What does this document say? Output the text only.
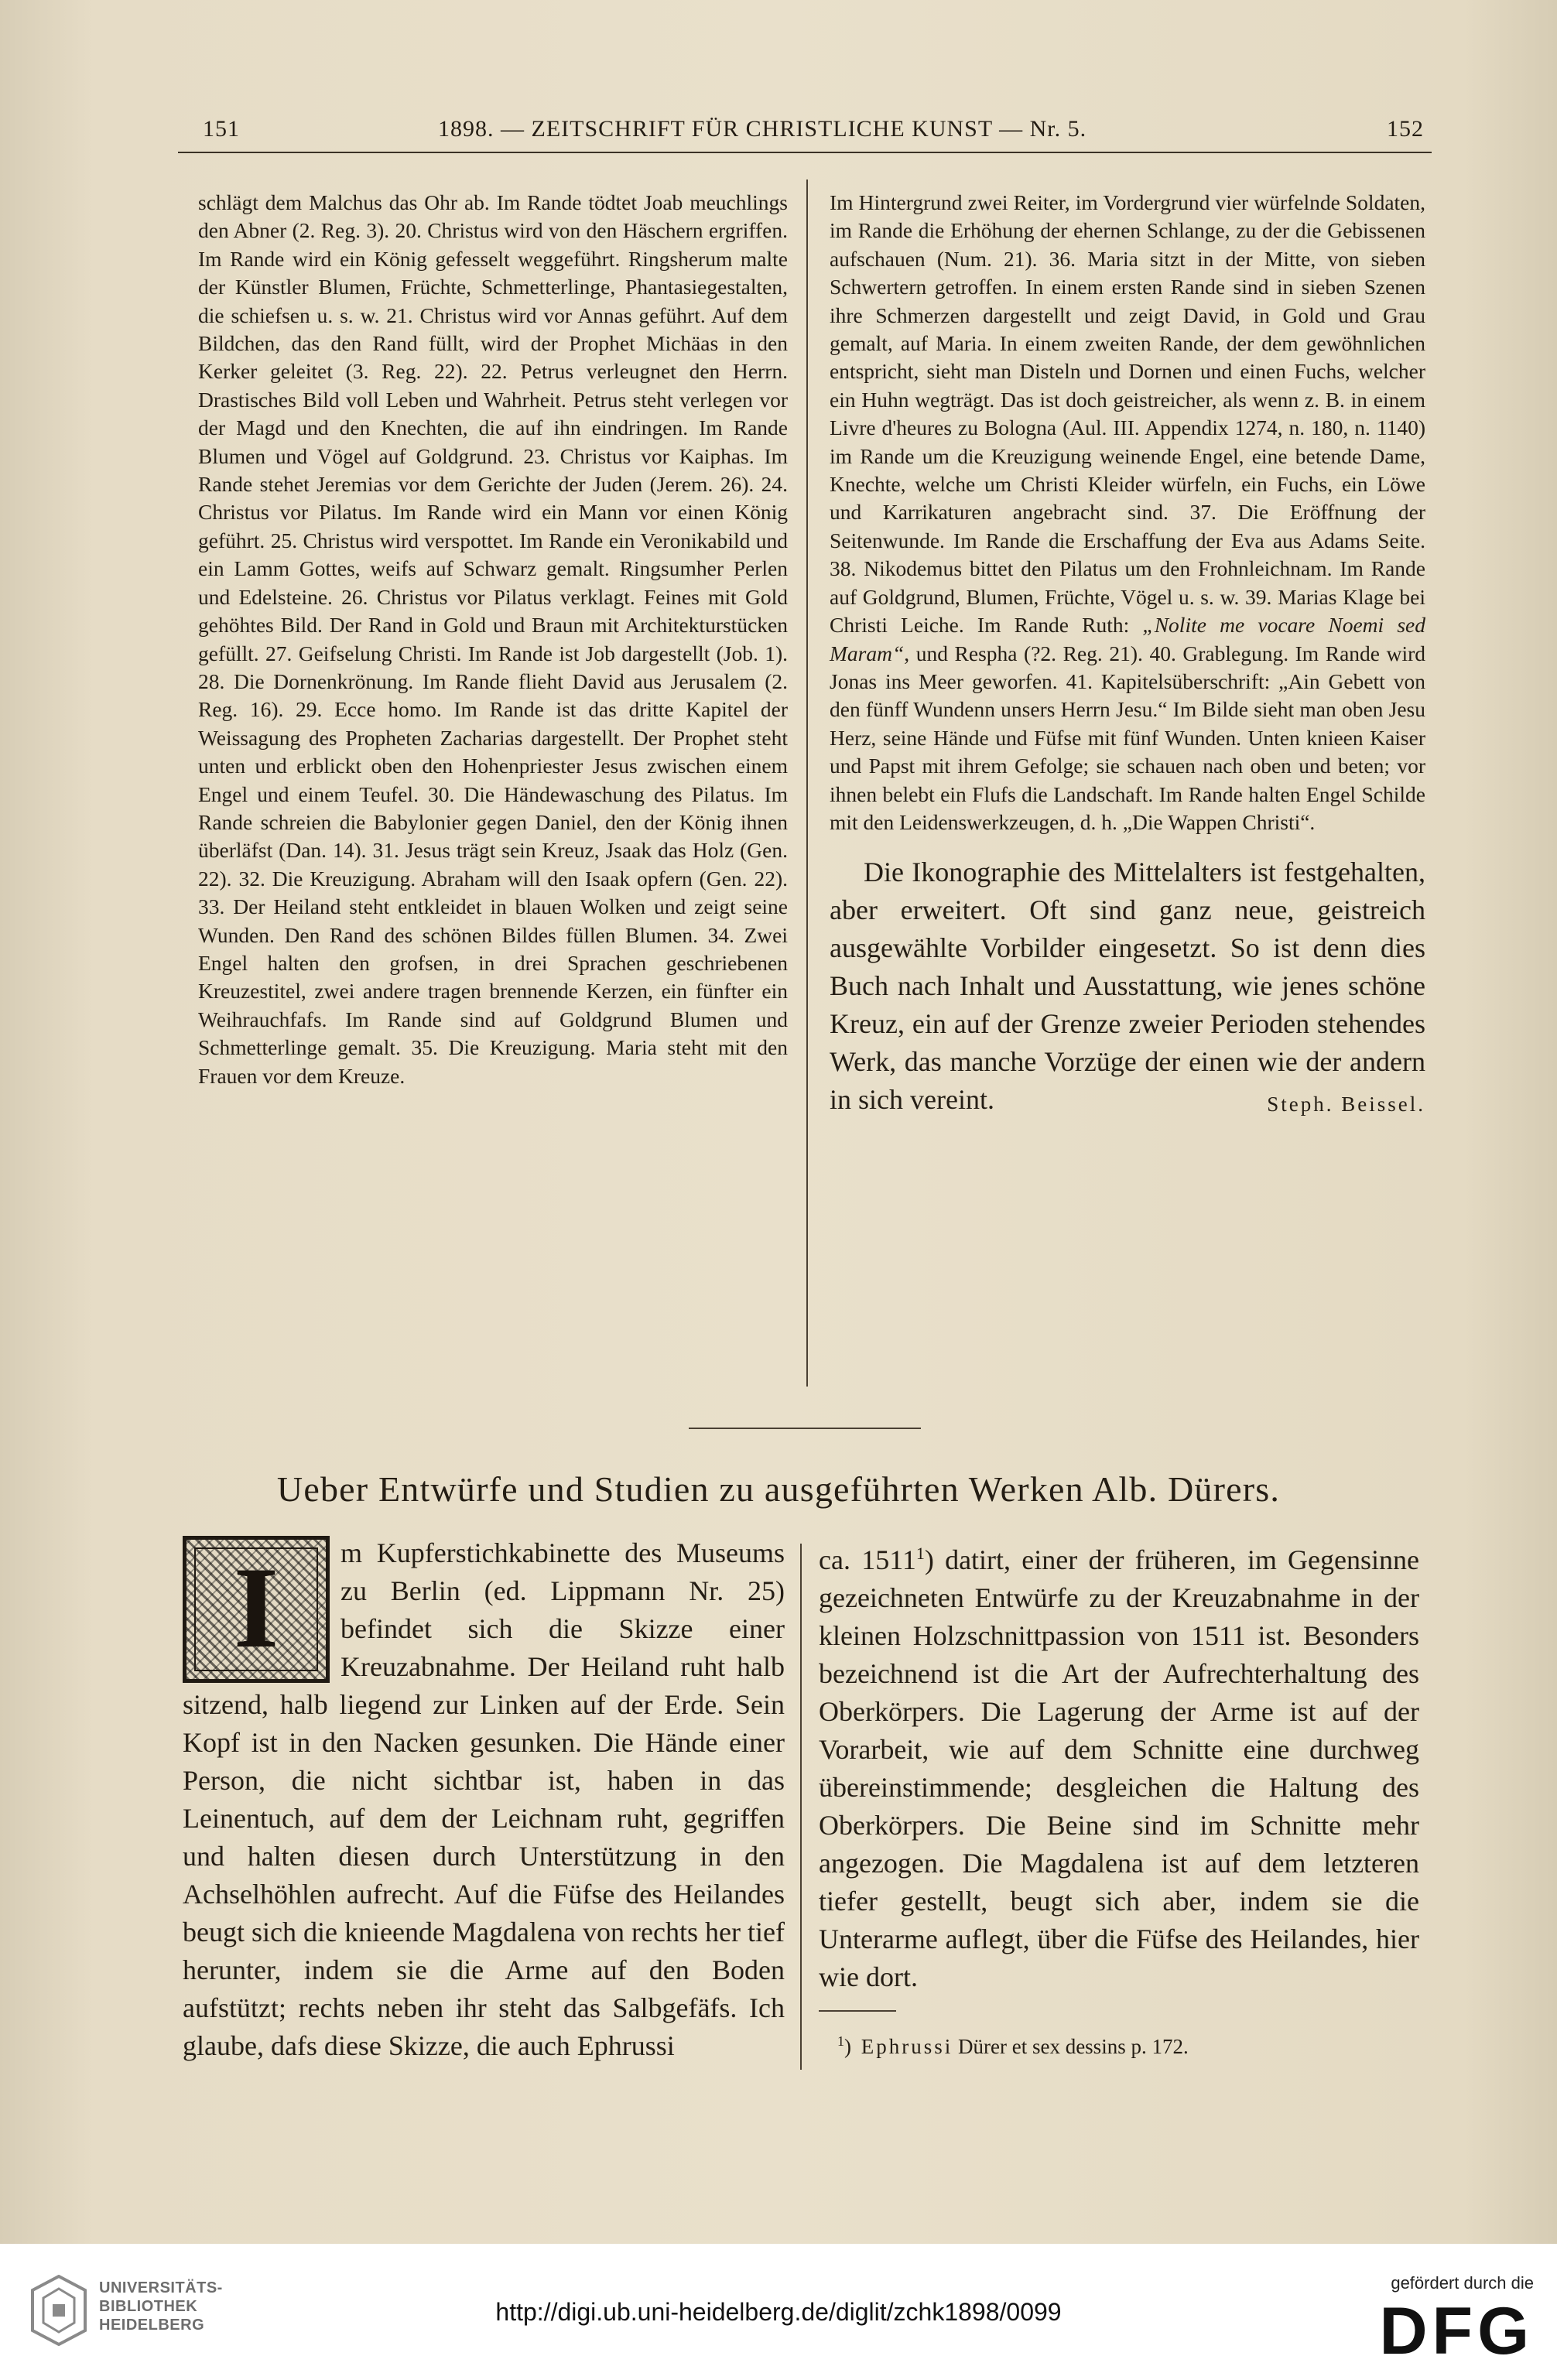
151	1898. — ZEITSCHRIFT FÜR CHRISTLICHE KUNST — Nr. 5.	152

schlägt dem Malchus das Ohr ab. Im Rande tödtet Joab meuchlings den Abner (2. Reg. 3). 20. Christus wird von den Häschern ergriffen. Im Rande wird ein König gefesselt weggeführt. Ringsherum malte der Künstler Blumen, Früchte, Schmetterlinge, Phantasiegestalten, die schiefsen u. s. w. 21. Christus wird vor Annas geführt. Auf dem Bildchen, das den Rand füllt, wird der Prophet Michäas in den Kerker geleitet (3. Reg. 22). 22. Petrus verleugnet den Herrn. Drastisches Bild voll Leben und Wahrheit. Petrus steht verlegen vor der Magd und den Knechten, die auf ihn eindringen. Im Rande Blumen und Vögel auf Goldgrund. 23. Christus vor Kaiphas. Im Rande stehet Jeremias vor dem Gerichte der Juden (Jerem. 26). 24. Christus vor Pilatus. Im Rande wird ein Mann vor einen König geführt. 25. Christus wird verspottet. Im Rande ein Veronikabild und ein Lamm Gottes, weifs auf Schwarz gemalt. Ringsumher Perlen und Edelsteine. 26. Christus vor Pilatus verklagt. Feines mit Gold gehöhtes Bild. Der Rand in Gold und Braun mit Architekturstücken gefüllt. 27. Geifselung Christi. Im Rande ist Job dargestellt (Job. 1). 28. Die Dornenkrönung. Im Rande flieht David aus Jerusalem (2. Reg. 16). 29. Ecce homo. Im Rande ist das dritte Kapitel der Weissagung des Propheten Zacharias dargestellt. Der Prophet steht unten und erblickt oben den Hohenpriester Jesus zwischen einem Engel und einem Teufel. 30. Die Händewaschung des Pilatus. Im Rande schreien die Babylonier gegen Daniel, den der König ihnen überläfst (Dan. 14). 31. Jesus trägt sein Kreuz, Jsaak das Holz (Gen. 22). 32. Die Kreuzigung. Abraham will den Isaak opfern (Gen. 22). 33. Der Heiland steht entkleidet in blauen Wolken und zeigt seine Wunden. Den Rand des schönen Bildes füllen Blumen. 34. Zwei Engel halten den grofsen, in drei Sprachen geschriebenen Kreuzestitel, zwei andere tragen brennende Kerzen, ein fünfter ein Weihrauchfafs. Im Rande sind auf Goldgrund Blumen und Schmetterlinge gemalt. 35. Die Kreuzigung. Maria steht mit den Frauen vor dem Kreuze.

Im Hintergrund zwei Reiter, im Vordergrund vier würfelnde Soldaten, im Rande die Erhöhung der ehernen Schlange, zu der die Gebissenen aufschauen (Num. 21). 36. Maria sitzt in der Mitte, von sieben Schwertern getroffen. In einem ersten Rande sind in sieben Szenen ihre Schmerzen dargestellt und zeigt David, in Gold und Grau gemalt, auf Maria. In einem zweiten Rande, der dem gewöhnlichen entspricht, sieht man Disteln und Dornen und einen Fuchs, welcher ein Huhn wegträgt. Das ist doch geistreicher, als wenn z. B. in einem Livre d'heures zu Bologna (Aul. III. Appendix 1274, n. 180, n. 1140) im Rande um die Kreuzigung weinende Engel, eine betende Dame, Knechte, welche um Christi Kleider würfeln, ein Fuchs, ein Löwe und Karrikaturen angebracht sind. 37. Die Eröffnung der Seitenwunde. Im Rande die Erschaffung der Eva aus Adams Seite. 38. Nikodemus bittet den Pilatus um den Frohnleichnam. Im Rande auf Goldgrund, Blumen, Früchte, Vögel u. s. w. 39. Marias Klage bei Christi Leiche. Im Rande Ruth: „Nolite me vocare Noemi sed Maram“, und Respha (?2. Reg. 21). 40. Grablegung. Im Rande wird Jonas ins Meer geworfen. 41. Kapitelsüberschrift: „Ain Gebett von den fünff Wundenn unsers Herrn Jesu.“ Im Bilde sieht man oben Jesu Herz, seine Hände und Füfse mit fünf Wunden. Unten knieen Kaiser und Papst mit ihrem Gefolge; sie schauen nach oben und beten; vor ihnen belebt ein Flufs die Landschaft. Im Rande halten Engel Schilde mit den Leidenswerkzeugen, d. h. „Die Wappen Christi“.

Die Ikonographie des Mittelalters ist festgehalten, aber erweitert. Oft sind ganz neue, geistreich ausgewählte Vorbilder eingesetzt. So ist denn dies Buch nach Inhalt und Ausstattung, wie jenes schöne Kreuz, ein auf der Grenze zweier Perioden stehendes Werk, das manche Vorzüge der einen wie der andern in sich vereint.	Steph. Beissel.

Ueber Entwürfe und Studien zu ausgeführten Werken Alb. Dürers.
I	m Kupferstichkabinette des Museums zu Berlin (ed. Lippmann Nr. 25) befindet sich die Skizze einer Kreuzabnahme. Der Heiland ruht halb sitzend, halb liegend zur Linken auf der Erde. Sein Kopf ist in den Nacken gesunken. Die Hände einer Person, die nicht sichtbar ist, haben in das Leinentuch, auf dem der Leichnam ruht, gegriffen und halten diesen durch Unterstützung in den Achselhöhlen aufrecht. Auf die Füfse des Heilandes beugt sich die knieende Magdalena von rechts her tief herunter, indem sie die Arme auf den Boden aufstützt; rechts neben ihr steht das Salbgefäfs. Ich glaube, dafs diese Skizze, die auch Ephrussi

ca. 1511$^1$) datirt, einer der früheren, im Gegensinne gezeichneten Entwürfe zu der Kreuzabnahme in der kleinen Holzschnittpassion von 1511 ist. Besonders bezeichnend ist die Art der Aufrechterhaltung des Oberkörpers. Die Lagerung der Arme ist auf der Vorarbeit, wie auf dem Schnitte eine durchweg übereinstimmende; desgleichen die Haltung des Oberkörpers. Die Beine sind im Schnitte mehr angezogen. Die Magdalena ist auf dem letzteren tiefer gestellt, beugt sich aber, indem sie die Unterarme auflegt, über die Füfse des Heilandes, hier wie dort.

$^1$) Ephrussi Dürer et sex dessins p. 172.
UNIVERSITÄTS-
BIBLIOTHEK
HEIDELBERG	http://digi.ub.uni-heidelberg.de/diglit/zchk1898/0099
gefördert durch die
DFG
